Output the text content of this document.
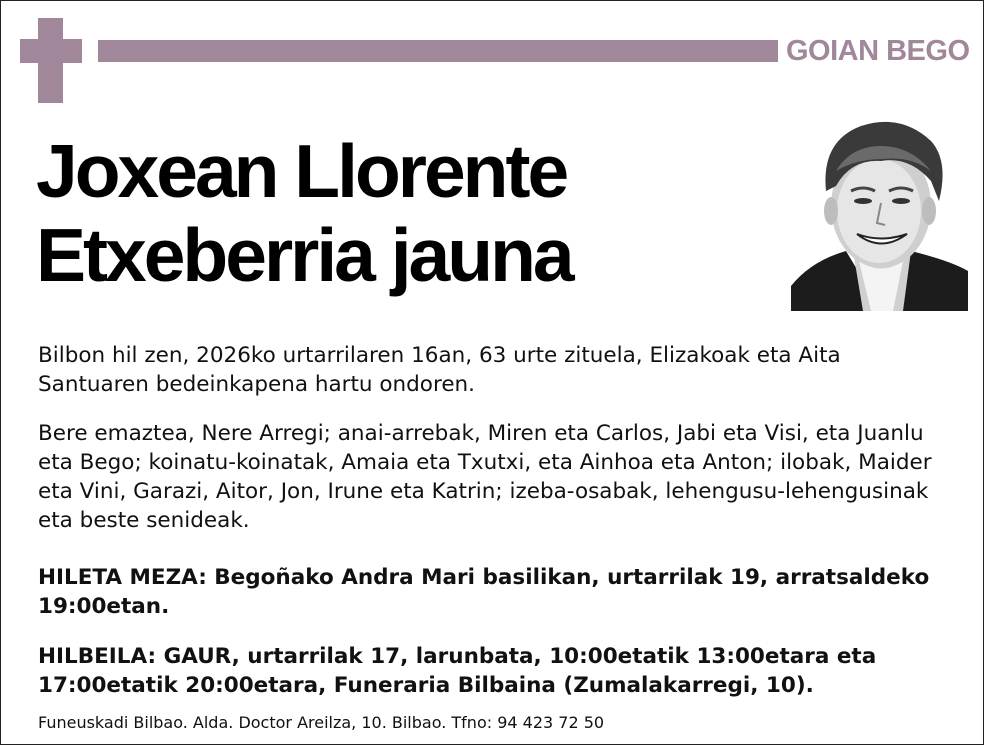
GOIAN BEGO
Joxean Llorente
Etxeberria jauna

Bilbon hil zen, 2026ko urtarrilaren 16an, 63 urte zituela, Elizakoak eta Aita Santuaren bedeinkapena hartu ondoren.

Bere emaztea, Nere Arregi; anai-arrebak, Miren eta Carlos, Jabi eta Visi, eta Juanlu eta Bego; koinatu-koinatak, Amaia eta Txutxi, eta Ainhoa eta Anton; ilobak, Maider eta Vini, Garazi, Aitor, Jon, Irune eta Katrin; izeba-osabak, lehengusu-lehengusinak eta beste senideak.

HILETA MEZA: Begoñako Andra Mari basilikan, urtarrilak 19, arratsaldeko 19:00etan.

HILBEILA: GAUR, urtarrilak 17, larunbata, 10:00etatik 13:00etara eta 17:00etatik 20:00etara, Funeraria Bilbaina (Zumalakarregi, 10).

Funeuskadi Bilbao. Alda. Doctor Areilza, 10. Bilbao. Tfno: 94 423 72 50
